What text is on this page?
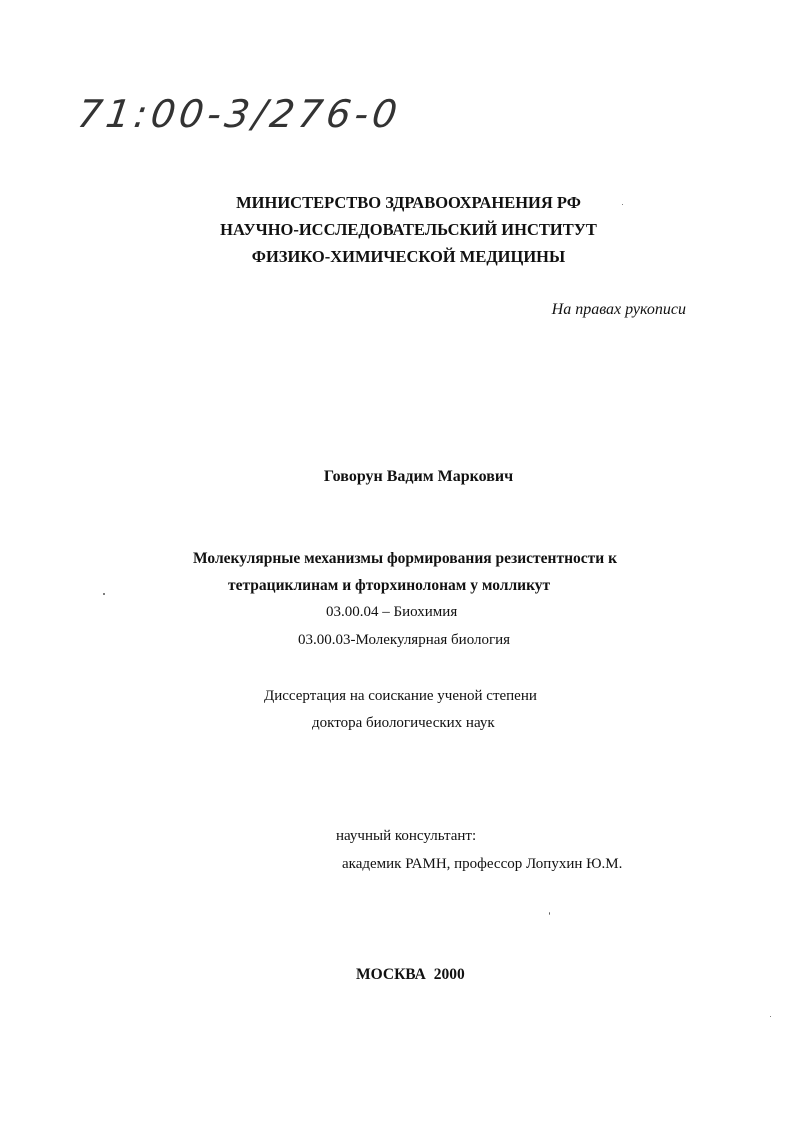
71:00-3/276-0
МИНИСТЕРСТВО ЗДРАВООХРАНЕНИЯ РФ
НАУЧНО-ИССЛЕДОВАТЕЛЬСКИЙ ИНСТИТУТ
ФИЗИКО-ХИМИЧЕСКОЙ МЕДИЦИНЫ
На правах рукописи
Говорун Вадим Маркович
Молекулярные механизмы формирования резистентности к
тетрациклинам и фторхинолонам у молликут
03.00.04 – Биохимия
03.00.03-Молекулярная биология
Диссертация на соискание ученой степени
доктора биологических наук
научный консультант:
академик РАМН, профессор Лопухин Ю.М.
МОСКВА 2000
